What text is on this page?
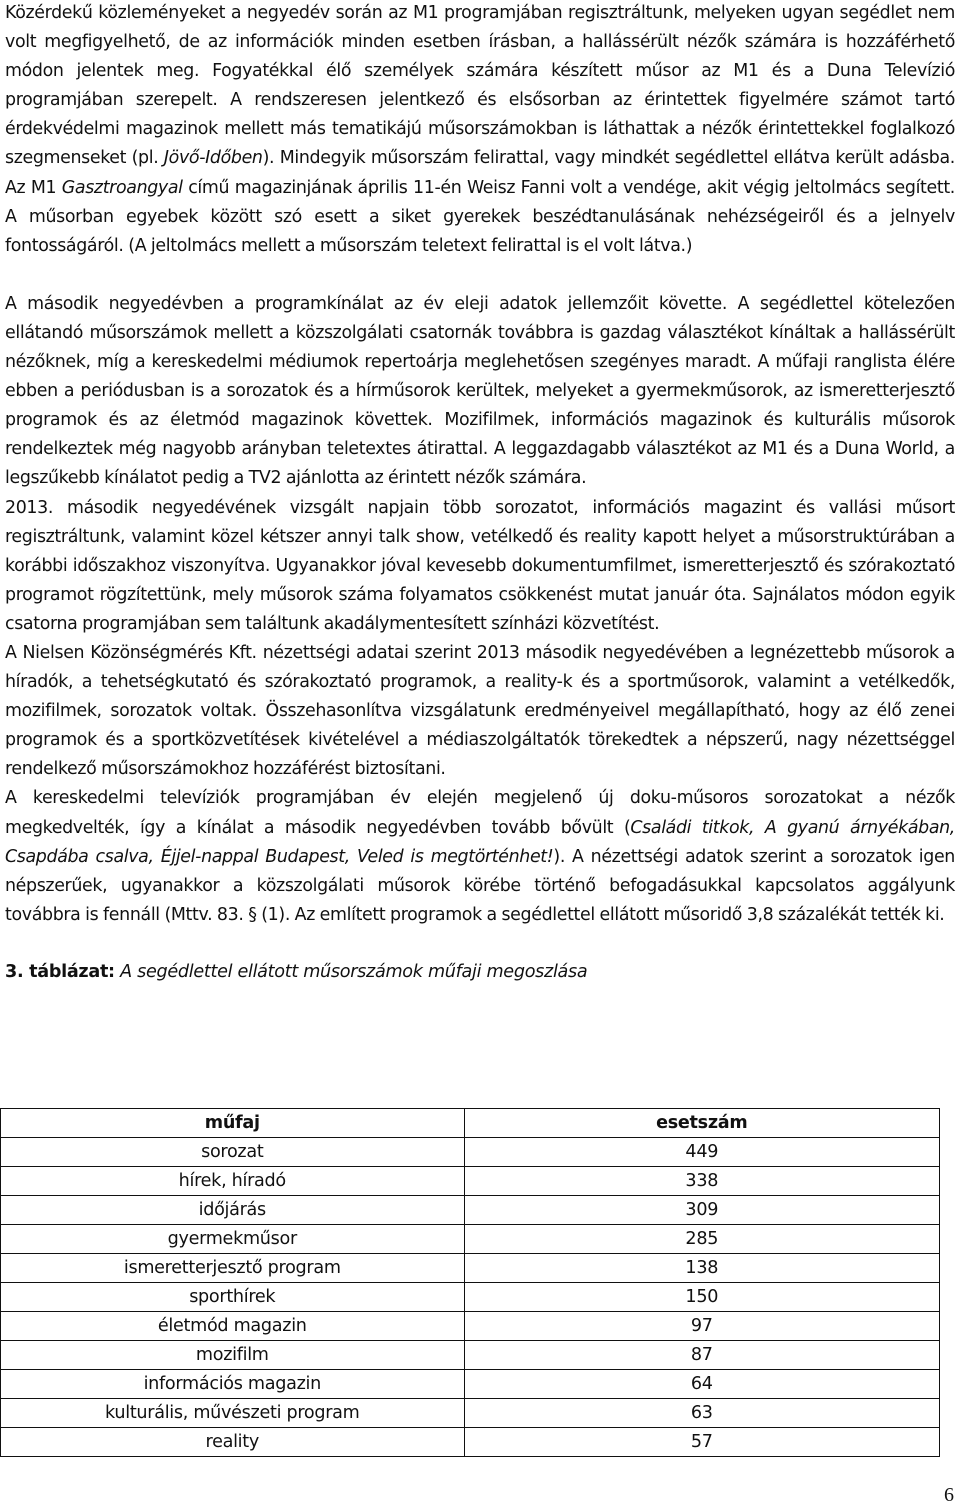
Közérdekű közleményeket a negyedév során az M1 programjában regisztráltunk, melyeken ugyan segédlet nem volt megfigyelhető, de az információk minden esetben írásban, a hallássérült nézők számára is hozzáférhető módon jelentek meg. Fogyatékkal élő személyek számára készített műsor az M1 és a Duna Televízió programjában szerepelt. A rendszeresen jelentkező és elsősorban az érintettek figyelmére számot tartó érdekvédelmi magazinok mellett más tematikájú műsorszámokban is láthattak a nézők érintettekkel foglalkozó szegmenseket (pl. Jövő-Időben). Mindegyik műsorszám felirattal, vagy mindkét segédlettel ellátva került adásba. Az M1 Gasztroangyal című magazinjának április 11-én Weisz Fanni volt a vendége, akit végig jeltolmács segített. A műsorban egyebek között szó esett a siket gyerekek beszédtanulásának nehézségeiről és a jelnyelv fontosságáról. (A jeltolmács mellett a műsorszám teletext felirattal is el volt látva.)

A második negyedévben a programkínálat az év eleji adatok jellemzőit követte. A segédlettel kötelezően ellátandó műsorszámok mellett a közszolgálati csatornák továbbra is gazdag választékot kínáltak a hallássérült nézőknek, míg a kereskedelmi médiumok repertoárja meglehetősen szegényes maradt. A műfaji ranglista élére ebben a periódusban is a sorozatok és a hírműsorok kerültek, melyeket a gyermekműsorok, az ismeretterjesztő programok és az életmód magazinok követtek. Mozifilmek, információs magazinok és kulturális műsorok rendelkeztek még nagyobb arányban teletextes átirattal. A leggazdagabb választékot az M1 és a Duna World, a legszűkebb kínálatot pedig a TV2 ajánlotta az érintett nézők számára.

2013. második negyedévének vizsgált napjain több sorozatot, információs magazint és vallási műsort regisztráltunk, valamint közel kétszer annyi talk show, vetélkedő és reality kapott helyet a műsorstruktúrában a korábbi időszakhoz viszonyítva. Ugyanakkor jóval kevesebb dokumentumfilmet, ismeretterjesztő és szórakoztató programot rögzítettünk, mely műsorok száma folyamatos csökkenést mutat január óta. Sajnálatos módon egyik csatorna programjában sem találtunk akadálymentesített színházi közvetítést.

A Nielsen Közönségmérés Kft. nézettségi adatai szerint 2013 második negyedévében a legnézettebb műsorok a híradók, a tehetségkutató és szórakoztató programok, a reality-k és a sportműsorok, valamint a vetélkedők, mozifilmek, sorozatok voltak. Összehasonlítva vizsgálatunk eredményeivel megállapítható, hogy az élő zenei programok és a sportközvetítések kivételével a médiaszolgáltatók törekedtek a népszerű, nagy nézettséggel rendelkező műsorszámokhoz hozzáférést biztosítani.

A kereskedelmi televíziók programjában év elején megjelenő új doku-műsoros sorozatokat a nézők megkedvelték, így a kínálat a második negyedévben tovább bővült (Családi titkok, A gyanú árnyékában, Csapdába csalva, Éjjel-nappal Budapest, Veled is megtörténhet!). A nézettségi adatok szerint a sorozatok igen népszerűek, ugyanakkor a közszolgálati műsorok körébe történő befogadásukkal kapcsolatos aggályunk továbbra is fennáll (Mttv. 83. § (1). Az említett programok a segédlettel ellátott műsoridő 3,8 százalékát tették ki.

3. táblázat: A segédlettel ellátott műsorszámok műfaji megoszlása

műfaj	esetszám
sorozat	449
hírek, híradó	338
időjárás	309
gyermekműsor	285
ismeretterjesztő program	138
sporthírek	150
életmód magazin	97
mozifilm	87
információs magazin	64
kulturális, művészeti program	63
reality	57
6
